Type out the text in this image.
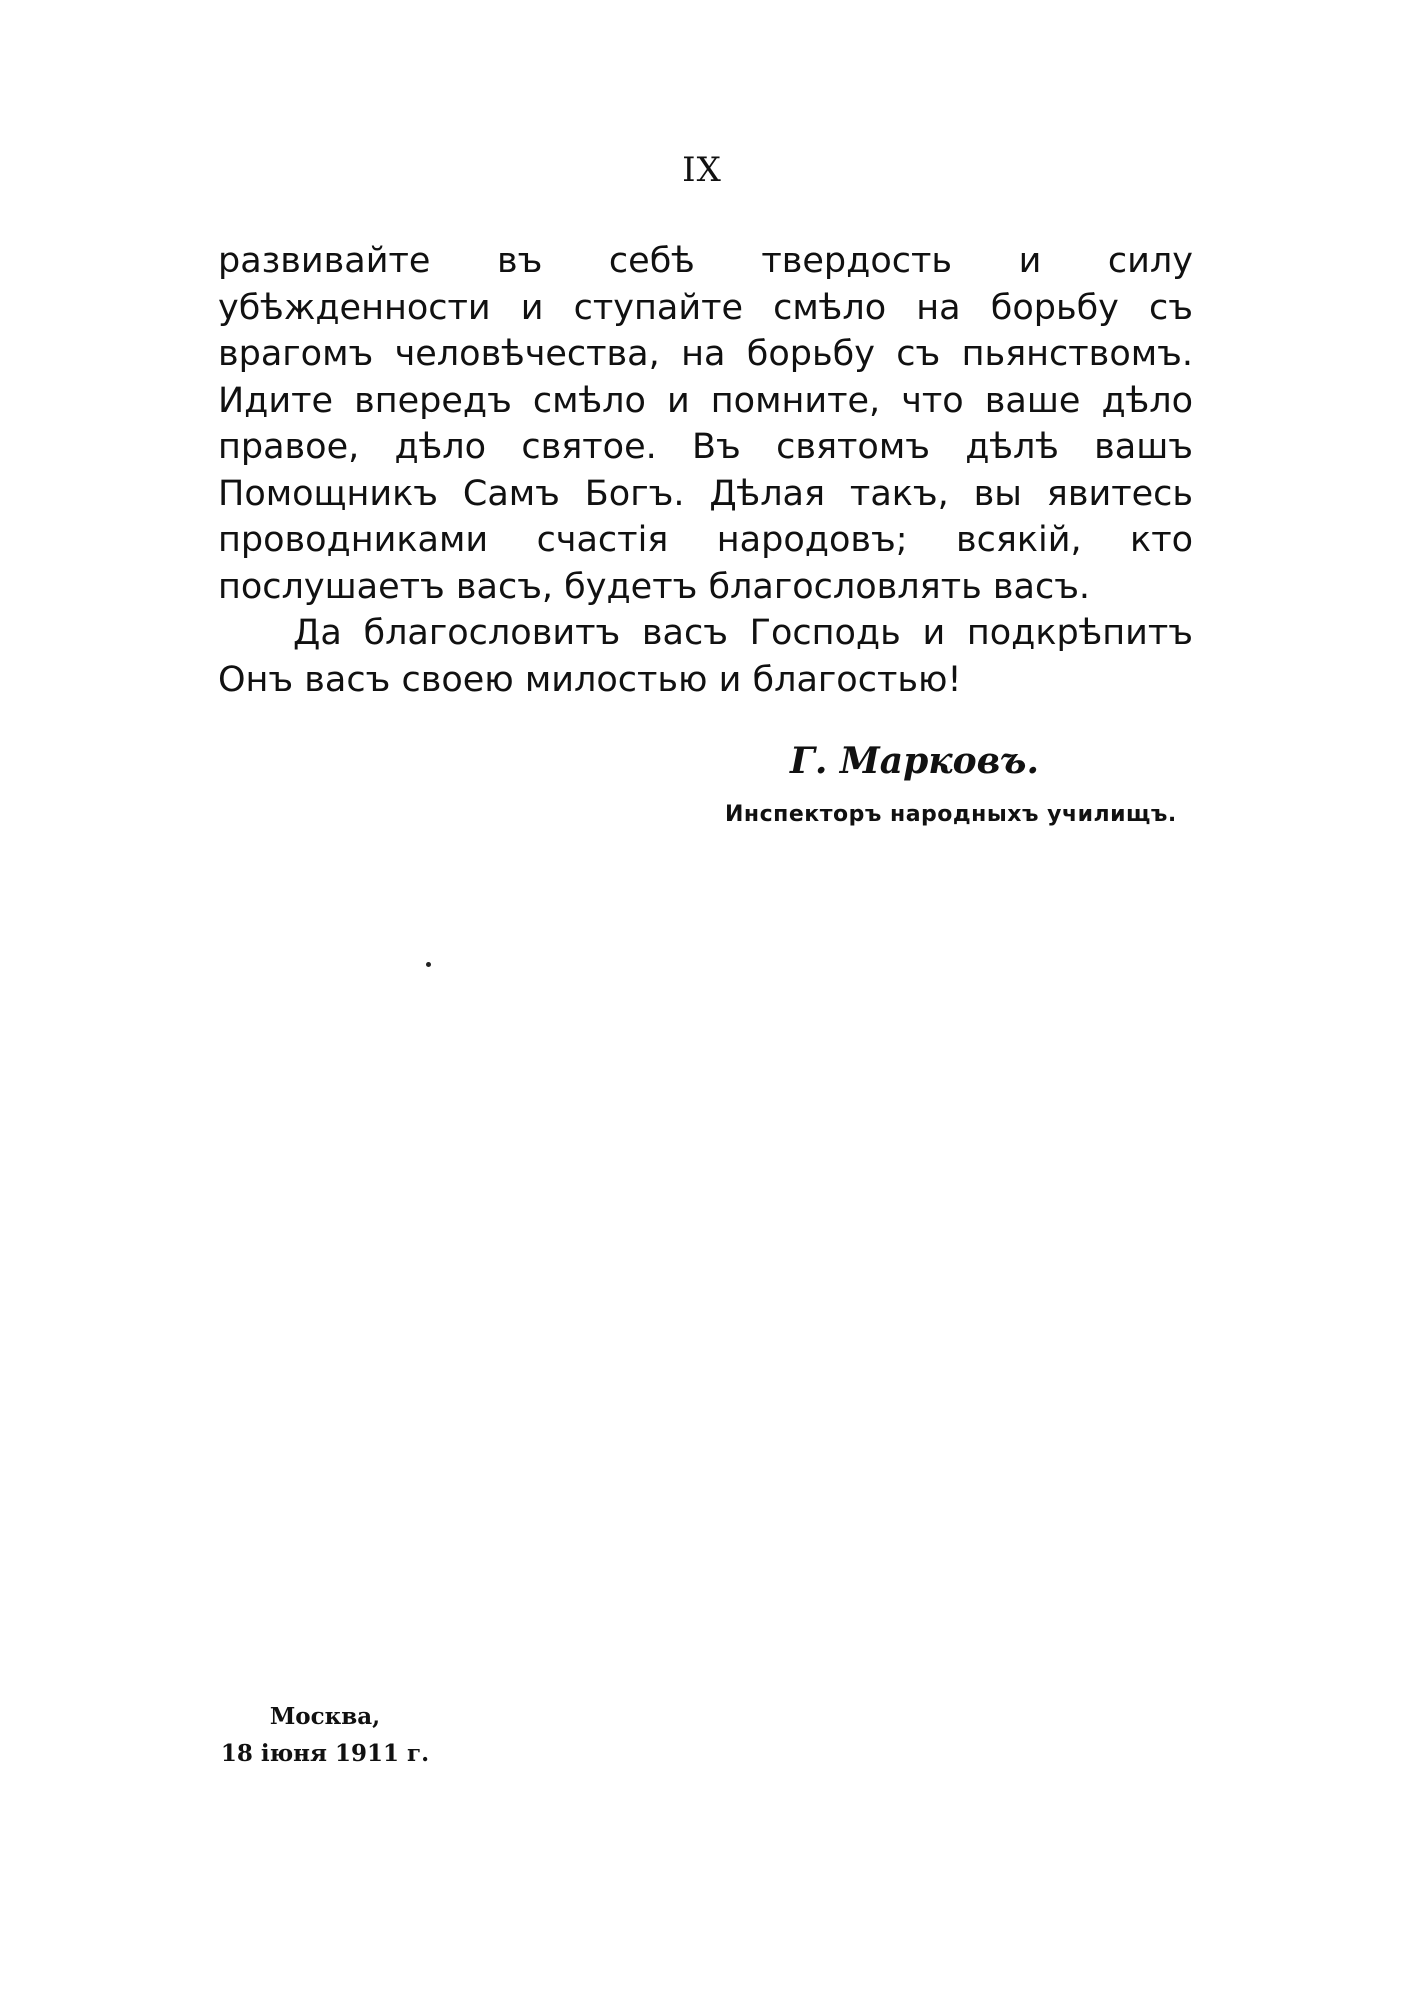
IX

развивайте въ себѣ твердость и силу убѣжденности и ступайте смѣло на борьбу съ врагомъ человѣчества, на борьбу съ пьянствомъ. Идите впередъ смѣло и помните, что ваше дѣло правое, дѣло святое. Въ святомъ дѣлѣ вашъ Помощникъ Самъ Богъ. Дѣлая такъ, вы явитесь проводниками счастія народовъ; всякій, кто послушаетъ васъ, будетъ благословлять васъ.

Да благословитъ васъ Господь и подкрѣпитъ Онъ васъ своею милостью и благостью!

Г. Марковъ.
Инспекторъ народныхъ училищъ.
Москва,
18 іюня 1911 г.
